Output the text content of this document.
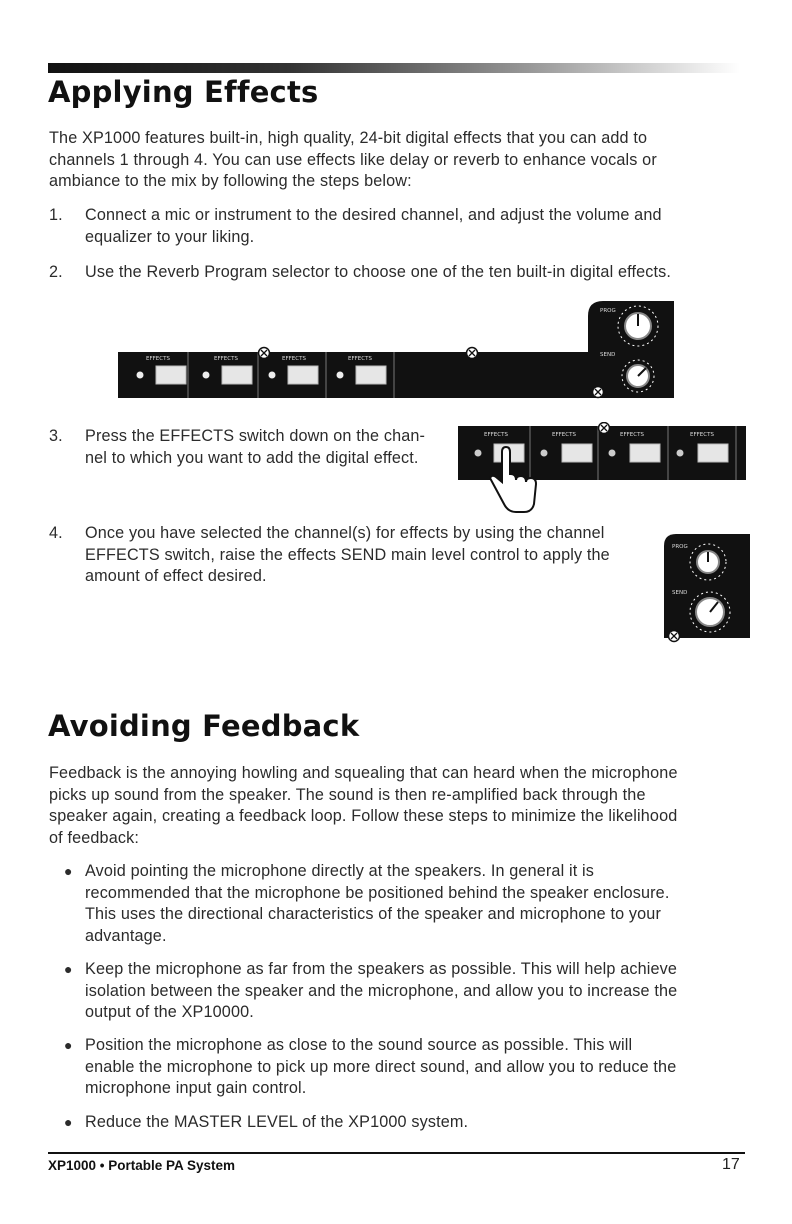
Applying Effects
The XP1000 features built-in, high quality, 24-bit digital effects that you can add to
channels 1 through 4. You can use effects like delay or reverb to enhance vocals or
ambiance to the mix by following the steps below:
1. Connect a mic or instrument to the desired channel, and adjust the volume and
equalizer to your liking.
2. Use the Reverb Program selector to choose one of the ten built-in digital effects.
EFFECTS	EFFECTS	EFFECTS	EFFECTS
PROG
SEND
3. Press the EFFECTS switch down on the chan-
nel to which you want to add the digital effect.
EFFECTS	EFFECTS	EFFECTS	EFFECTS
4. Once you have selected the channel(s) for effects by using the channel
EFFECTS switch, raise the effects SEND main level control to apply the
amount of effect desired.
PROG
SEND
Avoiding Feedback
Feedback is the annoying howling and squealing that can heard when the microphone
picks up sound from the speaker. The sound is then re-amplified back through the
speaker again, creating a feedback loop. Follow these steps to minimize the likelihood
of feedback:
● Avoid pointing the microphone directly at the speakers. In general it is
recommended that the microphone be positioned behind the speaker enclosure.
This uses the directional characteristics of the speaker and microphone to your
advantage.
● Keep the microphone as far from the speakers as possible. This will help achieve
isolation between the speaker and the microphone, and allow you to increase the
output of the XP10000.
● Position the microphone as close to the sound source as possible. This will
enable the microphone to pick up more direct sound, and allow you to reduce the
microphone input gain control.
● Reduce the MASTER LEVEL of the XP1000 system.
XP1000 • Portable PA System	17
